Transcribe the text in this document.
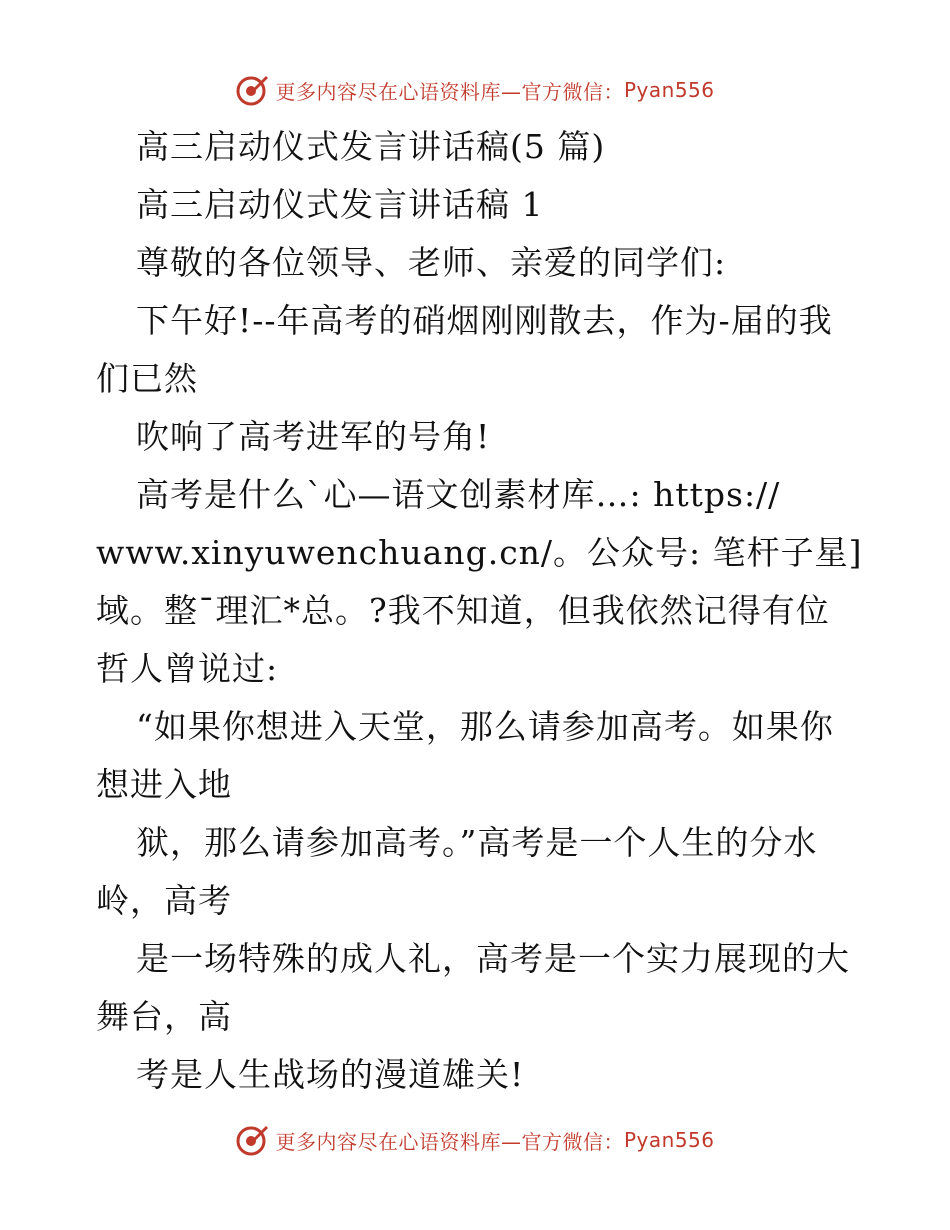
更多内容尽在心语资料库—官方微信： Pyan556
高三启动仪式发言讲话稿(5 篇)
高三启动仪式发言讲话稿 1
尊敬的各位领导、老师、亲爱的同学们:
下午好!--年高考的硝烟刚刚散去，作为-届的我
们已然
吹响了高考进军的号角!
高考是什么`心—语文创素材库…: https://
www.xinyuwenchuang.cn/。公众号: 笔杆子星]
域。整¯理汇*总。?我不知道，但我依然记得有位
哲人曾说过:
“如果你想进入天堂，那么请参加高考。如果你
想进入地
狱，那么请参加高考。”高考是一个人生的分水
岭，高考
是一场特殊的成人礼，高考是一个实力展现的大
舞台，高
考是人生战场的漫道雄关!
更多内容尽在心语资料库—官方微信： Pyan556
